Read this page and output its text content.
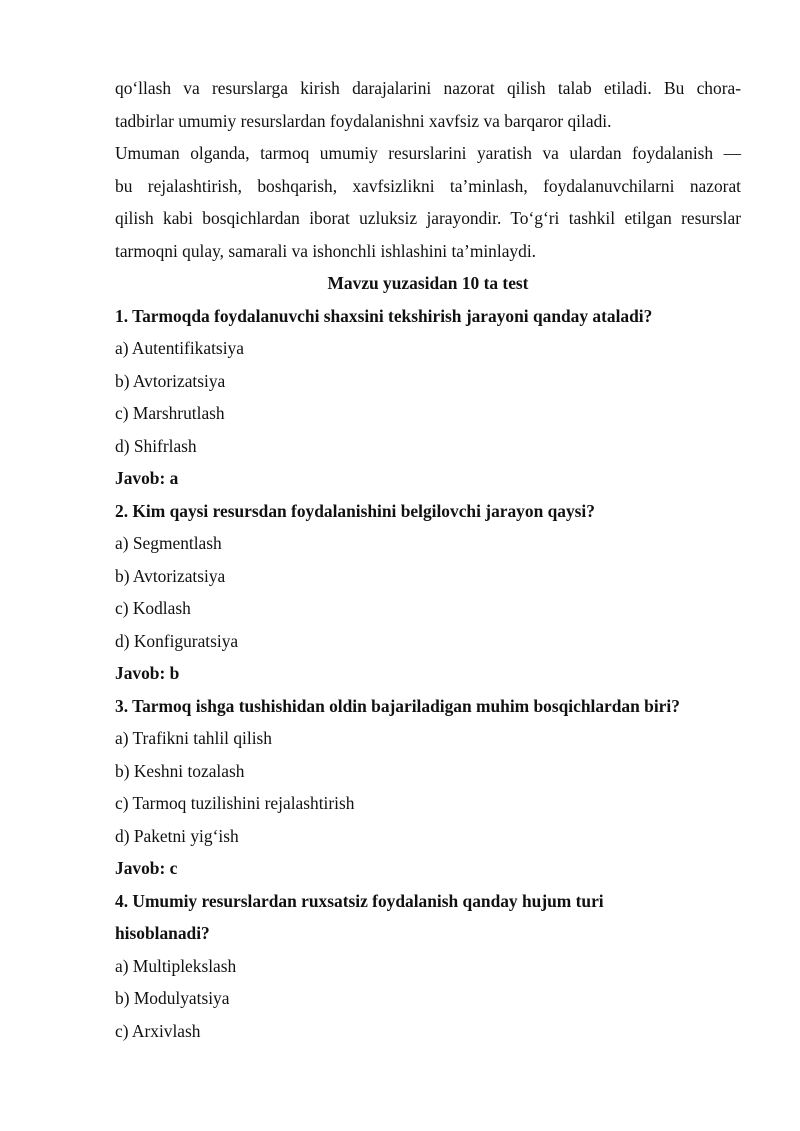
qo‘llash va resurslarga kirish darajalarini nazorat qilish talab etiladi. Bu chora-

tadbirlar umumiy resurslardan foydalanishni xavfsiz va barqaror qiladi.

Umuman olganda, tarmoq umumiy resurslarini yaratish va ulardan foydalanish —

bu rejalashtirish, boshqarish, xavfsizlikni ta’minlash, foydalanuvchilarni nazorat

qilish kabi bosqichlardan iborat uzluksiz jarayondir. To‘g‘ri tashkil etilgan resurslar

tarmoqni qulay, samarali va ishonchli ishlashini ta’minlaydi.

Mavzu yuzasidan 10 ta test

1. Tarmoqda foydalanuvchi shaxsini tekshirish jarayoni qanday ataladi?

a) Autentifikatsiya

b) Avtorizatsiya

c) Marshrutlash

d) Shifrlash

Javob: a

2. Kim qaysi resursdan foydalanishini belgilovchi jarayon qaysi?

a) Segmentlash

b) Avtorizatsiya

c) Kodlash

d) Konfiguratsiya

Javob: b

3. Tarmoq ishga tushishidan oldin bajariladigan muhim bosqichlardan biri?

a) Trafikni tahlil qilish

b) Keshni tozalash

c) Tarmoq tuzilishini rejalashtirish

d) Paketni yig‘ish

Javob: c

4. Umumiy resurslardan ruxsatsiz foydalanish qanday hujum turi

hisoblanadi?

a) Multiplekslash

b) Modulyatsiya

c) Arxivlash
